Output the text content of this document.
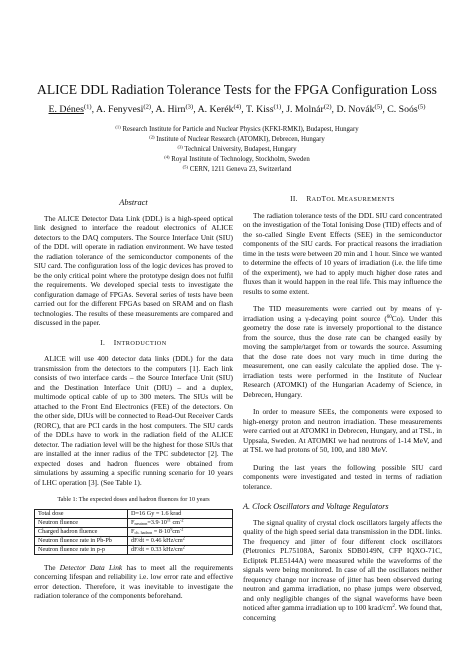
ALICE DDL Radiation Tolerance Tests for the FPGA Configuration Loss
E. Dénes$^{(1)}$, A. Fenyvesi$^{(2)}$, A. Hirn$^{(3)}$, A. Kerék$^{(4)}$, T. Kiss$^{(1)}$, J. Molnár$^{(2)}$, D. Novák$^{(5)}$, C. Soós$^{(5)}$
$^{(1)}$ Research Institute for Particle and Nuclear Physics (KFKI-RMKI), Budapest, Hungary
$^{(2)}$ Institute of Nuclear Research (ATOMKI), Debrecen, Hungary
$^{(3)}$ Technical University, Budapest, Hungary
$^{(4)}$ Royal Institute of Technology, Stockholm, Sweden
$^{(5)}$ CERN, 1211 Geneva 23, Switzerland
Abstract

The ALICE Detector Data Link (DDL) is a high-speed optical link designed to interface the readout electronics of ALICE detectors to the DAQ computers. The Source Interface Unit (SIU) of the DDL will operate in radiation environment. We have tested the radiation tolerance of the semiconductor components of the SIU card. The configuration loss of the logic devices has proved to be the only critical point where the prototype design does not fulfil the requirements. We developed special tests to investigate the configuration damage of FPGAs. Several series of tests have been carried out for the different FPGAs based on SRAM and on flash technologies. The results of these measurements are compared and discussed in the paper.

I. INTRODUCTION

ALICE will use 400 detector data links (DDL) for the data transmission from the detectors to the computers [1]. Each link consists of two interface cards – the Source Interface Unit (SIU) and the Destination Interface Unit (DIU) – and a duplex, multimode optical cable of up to 300 meters. The SIUs will be attached to the Front End Electronics (FEE) of the detectors. On the other side, DIUs will be connected to Read-Out Receiver Cards (RORC), that are PCI cards in the host computers. The SIU cards of the DDLs have to work in the radiation field of the ALICE detector. The radiation level will be the highest for those SIUs that are installed at the inner radius of the TPC subdetector [2]. The expected doses and hadron fluences were obtained from simulations by assuming a specific running scenario for 10 years of LHC operation [3]. (See Table 1).

Table 1: The expected doses and hadron fluences for 10 years
Total dose	D=16 Gy = 1.6 krad
Neutron fluence	$F_{neutron}=3.9\cdot 10^{11}$ $cm^{-2}$
Charged hadron fluence	$F_{ch. hadron} = 8\cdot 10^9cm^{-2}$
Neutron fluence rate in Pb-Pb	dF/dt = 0.46 kHz/$cm^2$
Neutron fluence rate in p-p	dF/dt = 0.33 kHz/$cm^2$

The Detector Data Link has to meet all the requirements concerning lifespan and reliability i.e. low error rate and effective error detection. Therefore, it was inevitable to investigate the radiation tolerance of the components beforehand.

II. RADTOL MEASUREMENTS

The radiation tolerance tests of the DDL SIU card concentrated on the investigation of the Total Ionising Dose (TID) effects and of the so-called Single Event Effects (SEE) in the semiconductor components of the SIU cards. For practical reasons the irradiation time in the tests were between 20 min and 1 hour. Since we wanted to determine the effects of 10 years of irradiation (i.e. the life time of the experiment), we had to apply much higher dose rates and fluxes than it would happen in the real life. This may influence the results to some extent.

The TID measurements were carried out by means of γ-irradiation using a γ-decaying point source ($^{60}$Co). Under this geometry the dose rate is inversely proportional to the distance from the source, thus the dose rate can be changed easily by moving the sample/target from or towards the source. Assuming that the dose rate does not vary much in time during the measurement, one can easily calculate the applied dose. The γ-irradiation tests were performed in the Institute of Nuclear Research (ATOMKI) of the Hungarian Academy of Science, in Debrecen, Hungary.

In order to measure SEEs, the components were exposed to high-energy proton and neutron irradiation. These measurements were carried out at ATOMKI in Debrecen, Hungary, and at TSL, in Uppsala, Sweden. At ATOMKI we had neutrons of 1-14 MeV, and at TSL we had protons of 50, 100, and 180 MeV.

During the last years the following possible SIU card components were investigated and tested in terms of radiation tolerance.

A. Clock Oscillators and Voltage Regulators

The signal quality of crystal clock oscillators largely affects the quality of the high speed serial data transmission in the DDL links. The frequency and jitter of four different clock oscillators (Pletronics PL75108A, Saronix SDB0149N, CFP IQXO-71C, Ecliptek PLE5144A) were measured while the waveforms of the signals were being monitored. In case of all the oscillators neither frequency change nor increase of jitter has been observed during neutron and gamma irradiation, no phase jumps were observed, and only negligible changes of the signal waveforms have been noticed after gamma irradiation up to 100 krad/$cm^2$. We found that, concerning
